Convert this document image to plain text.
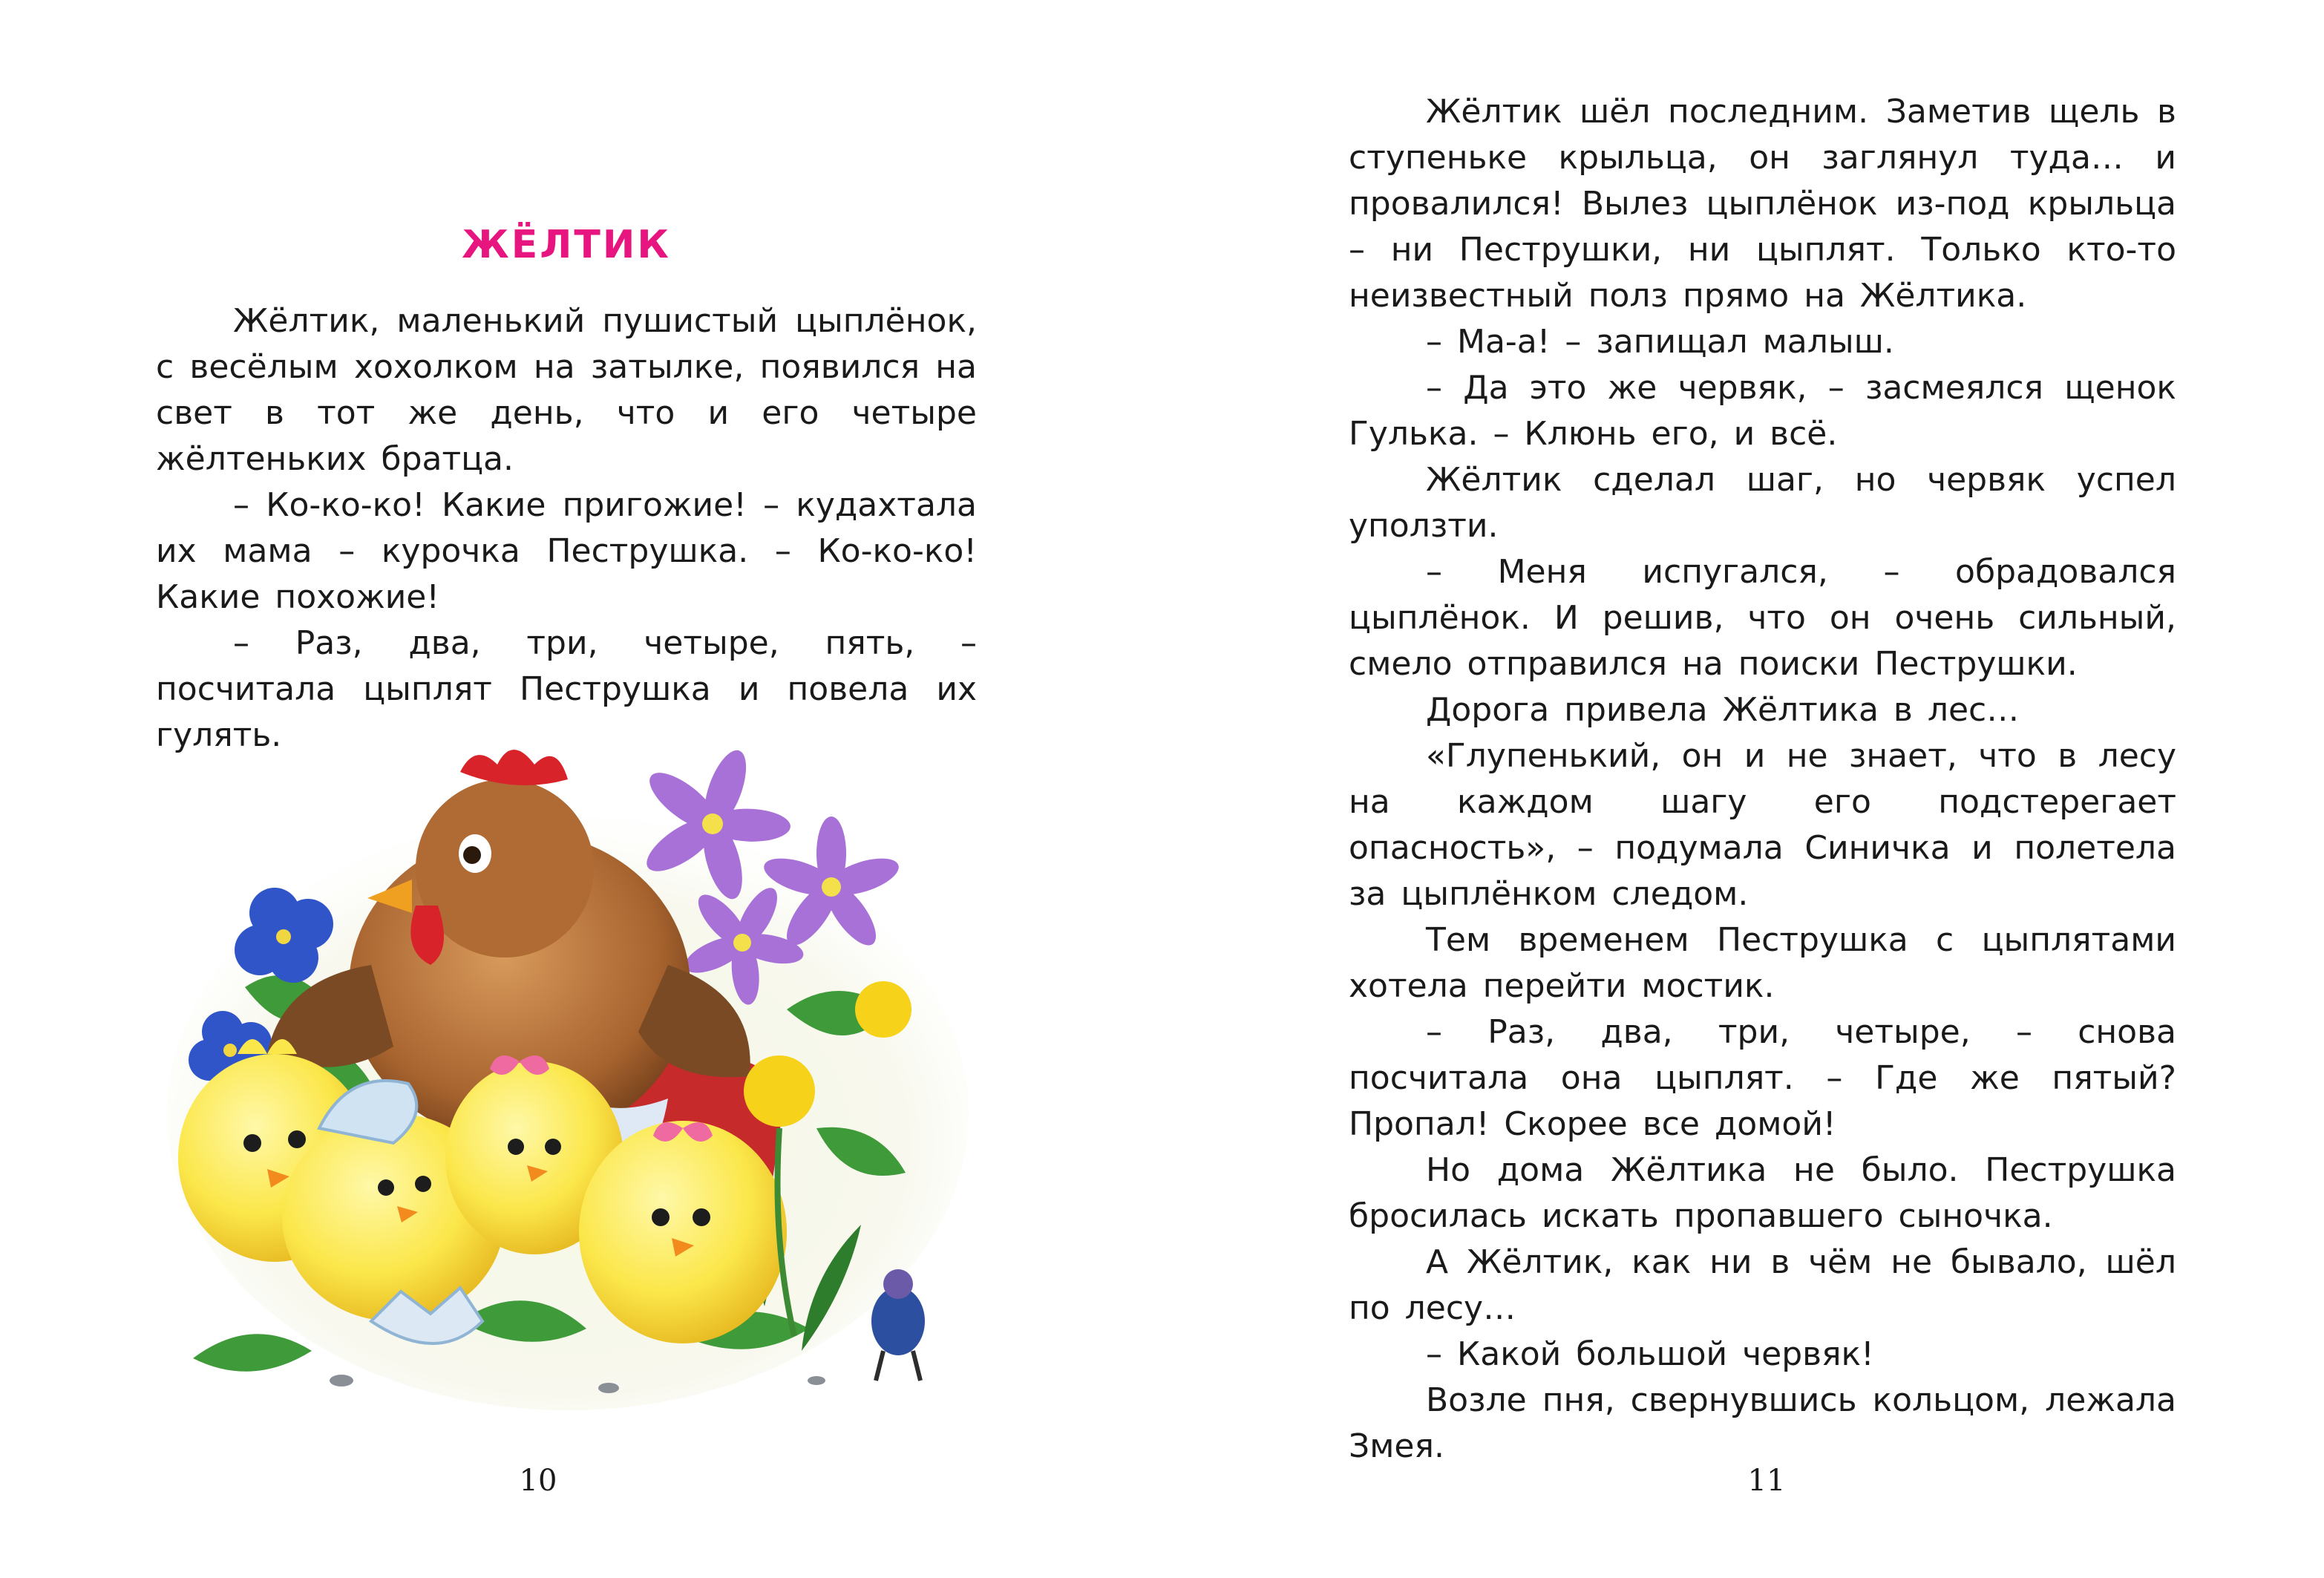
ЖЁЛТИК

Жёлтик, маленький пушистый цыплёнок, с весёлым хохолком на затылке, появился на свет в тот же день, что и его четыре жёлтеньких братца.

– Ко-ко-ко! Какие пригожие! – кудахтала их мама – курочка Пеструшка. – Ко-ко-ко! Какие похожие!

– Раз, два, три, четыре, пять, – посчитала цыплят Пеструшка и повела их гулять.

10

Жёлтик шёл последним. Заметив щель в ступеньке крыльца, он заглянул туда… и провалился! Вылез цыплёнок из-под крыльца – ни Пеструшки, ни цыплят. Только кто-то неизвестный полз прямо на Жёлтика.

– Ма-а! – запищал малыш.

– Да это же червяк, – засмеялся щенок Гулька. – Клюнь его, и всё.

Жёлтик сделал шаг, но червяк успел уползти.

– Меня испугался, – обрадовался цыплёнок. И решив, что он очень сильный, смело отправился на поиски Пеструшки.

Дорога привела Жёлтика в лес…

«Глупенький, он и не знает, что в лесу на каждом шагу его подстерегает опасность», – подумала Синичка и полетела за цыплёнком следом.

Тем временем Пеструшка с цыплятами хотела перейти мостик.

– Раз, два, три, четыре, – снова посчитала она цыплят. – Где же пятый? Пропал! Скорее все домой!

Но дома Жёлтика не было. Пеструшка бросилась искать пропавшего сыночка.

А Жёлтик, как ни в чём не бывало, шёл по лесу…

– Какой большой червяк!

Возле пня, свернувшись кольцом, лежала Змея.

11
